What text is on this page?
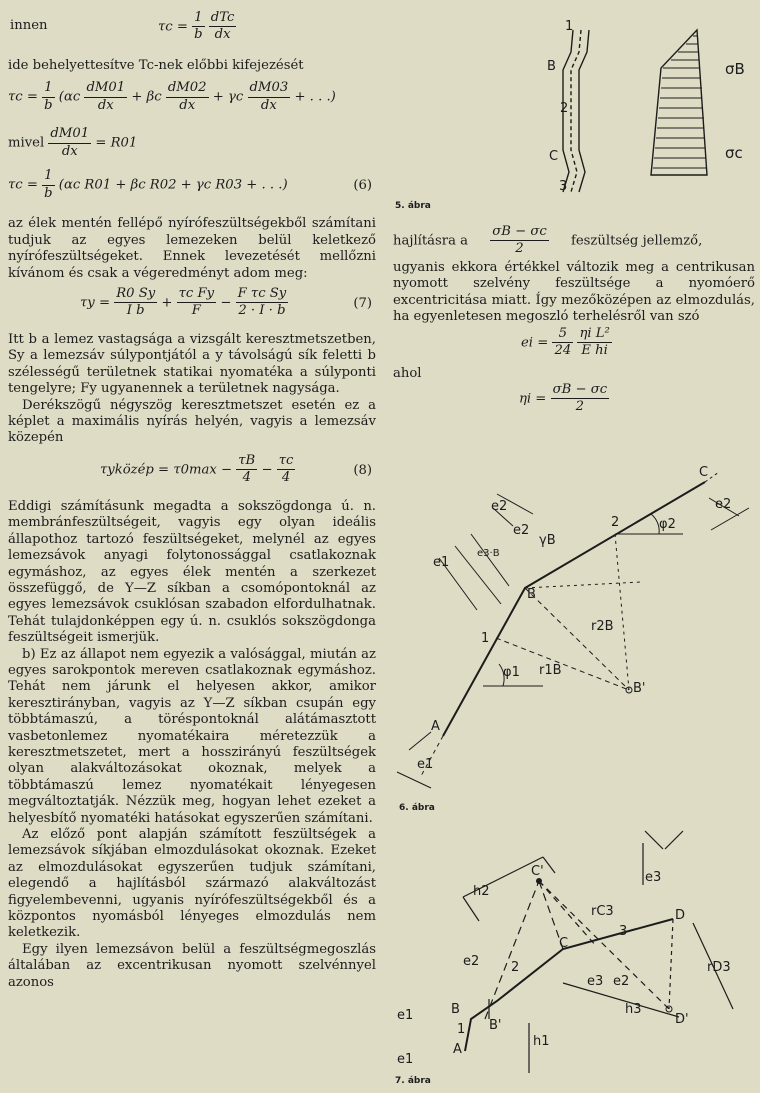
innen	$\tau c = \frac{1}{b}$
$\frac{\text{dTc}}{dx}$

ide behelyettesítve Tc-nek előbbi kifejezését

$\tau c = \frac{1}{b} (\alpha c \frac{dM01}{dx} + \beta c \frac{dM02}{dx} + \gamma c \frac{dM03}{dx}$ + . . .)
mivel $\frac{dM01}{dx} = R01$
$\tau c = \frac{1}{b} (\alpha c$ R01 + βc R02 + γc R03 + . . .)	(6)

az élek mentén fellépő nyírófeszültségekből számítani tudjuk az egyes lemezeken belül keletkező nyírófeszültségeket. Ennek levezetését mellőzni kívánom és csak a végeredményt adom meg:

$\tau y = \frac{R0 Sy}{\text{I b}} + \frac{\text{τc Fy}}{F} - \frac{\text{F τc Sy}}{2 \cdot I \cdot b}$	(7)

Itt b a lemez vastagsága a vizsgált keresztmetszetben, Sy a lemezsáv súlypontjától a y távolságú sík feletti b szélességű területnek statikai nyomatéka a súlyponti tengelyre; Fy ugyanennek a területnek nagysága.

Derékszögű négyszög keresztmetszet esetén ez a képlet a maximális nyírás helyén, vagyis a lemezsáv közepén

τyközép = $\tau 0\max - \frac{\tau B}{4} - \frac{\tau c}{4}$	(8)

Eddigi számításunk megadta a sokszögdonga ú. n. membránfeszültségeit, vagyis egy olyan ideális állapothoz tartozó feszültségeket, melynél az egyes lemezsávok anyagi folytonossággal csatlakoznak egymáshoz, az egyes élek mentén a szerkezet összefüggő, de Y—Z síkban a csomópontoknál az egyes lemezsávok csuklósan szabadon elfordulhatnak. Tehát tulajdonképpen egy ú. n. csuklós sokszögdonga feszültségeit ismerjük.

b) Ez az állapot nem egyezik a valósággal, miután az egyes sarokpontok mereven csatlakoznak egymáshoz. Tehát nem járunk el helyesen akkor, amikor keresztirányban, vagyis az Y—Z síkban csupán egy többtámaszú, a töréspontoknál alátámasztott vasbetonlemez nyomatékaira méretezzük a keresztmetszetet, mert a hosszirányú feszültségek olyan alakváltozásokat okoznak, melyek a többtámaszú lemez nyomatékait lényegesen megváltoztatják. Nézzük meg, hogyan lehet ezeket a helyesbítő nyomatéki hatásokat egyszerűen számítani.

Az előző pont alapján számított feszültségek a lemezsávok síkjában elmozdulásokat okoznak. Ezeket az elmozdulásokat egyszerűen tudjuk számítani, elegendő a hajlításból származó alakváltozást figyelembevenni, ugyanis nyírófeszültségekből és a központos nyomásból lényeges elmozdulás nem keletkezik.

Egy ilyen lemezsávon belül a feszültségmegoszlás általában az excentrikusan nyomott szelvénnyel azonos

1
B
2
C
3
σB
σc
5. ábra
hajlításra a $\frac{\sigma B - \sigma c}{2}$ feszültség jellemző,

ugyanis ekkora értékkel változik meg a centrikusan nyomott szelvény feszültsége a nyomóerő excentricitása miatt. Így mezőközépen az elmozdulás, ha egyenletesen megoszló terhelésről van szó

ei = $\frac{5}{24}$
$\frac{\text{ηi L²}}{\text{E hi}}$

ahol

$\eta i = \frac{\sigma B - \sigma c}{2}$
C
e2	e2
2	φ2
e2
e3·B
γB
e1
B
r2B
1
r1B
φ1
B'
A
e1
6. ábra
C'
h2
e3
rC3
3
D
C
e2 2
e3 e2
rD3
h3
D'
B
e1
B'
h1
1
e1
A
7. ábra
